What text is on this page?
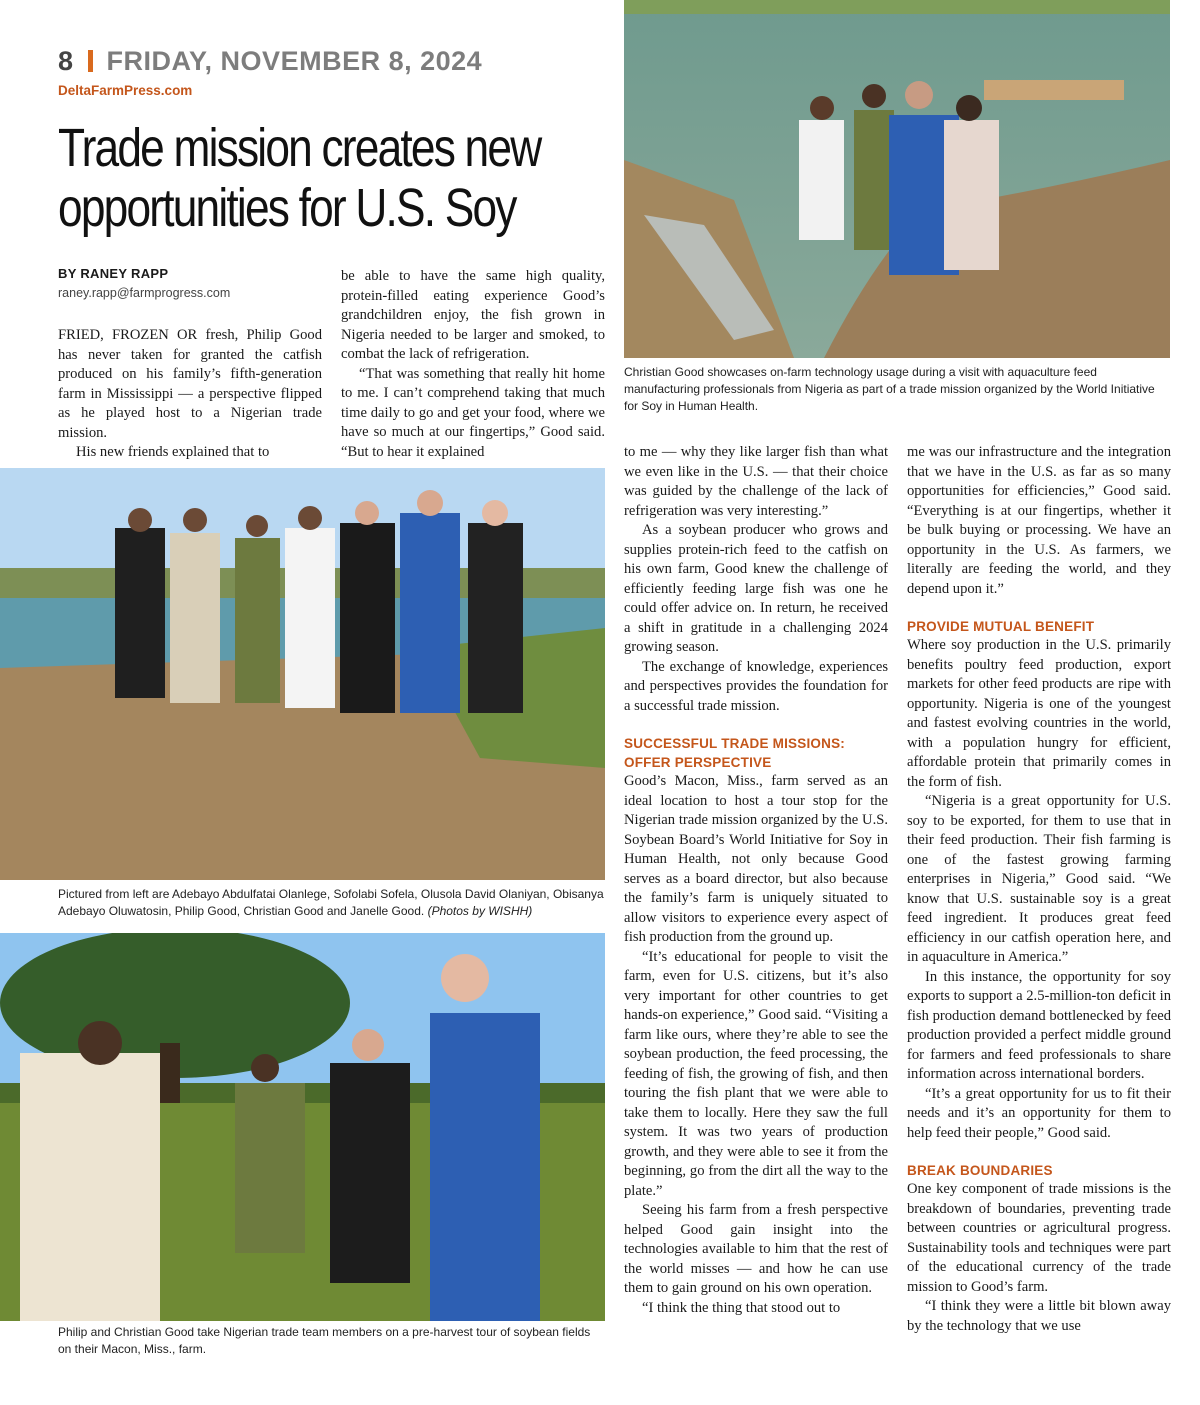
8 FRIDAY, NOVEMBER 8, 2024
DeltaFarmPress.com
Trade mission creates new
opportunities for U.S. Soy
BY RANEY RAPP
raney.rapp@farmprogress.com

FRIED, FROZEN OR fresh, Philip Good has never taken for granted the catfish produced on his family’s fifth-generation farm in Mississippi — a perspective flipped as he played host to a Nigerian trade mission.

His new friends explained that to

be able to have the same high quality, protein-filled eating experience Good’s grandchildren enjoy, the fish grown in Nigeria needed to be larger and smoked, to combat the lack of refrigeration.

“That was something that really hit home to me. I can’t comprehend taking that much time daily to go and get your food, where we have so much at our fingertips,” Good said. “But to hear it explained

Christian Good showcases on-farm technology usage during a visit with aquaculture feed manufacturing professionals from Nigeria as part of a trade mission organized by the World Initiative for Soy in Human Health.
Pictured from left are Adebayo Abdulfatai Olanlege, Sofolabi Sofela, Olusola David Olaniyan, Obisanya Adebayo Oluwatosin, Philip Good, Christian Good and Janelle Good. (Photos by WISHH)
Philip and Christian Good take Nigerian trade team members on a pre-harvest tour of soybean fields on their Macon, Miss., farm.

to me — why they like larger fish than what we even like in the U.S. — that their choice was guided by the challenge of the lack of refrigeration was very interesting.”

As a soybean producer who grows and supplies protein-rich feed to the catfish on his own farm, Good knew the challenge of efficiently feeding large fish was one he could offer advice on. In return, he received a shift in gratitude in a challenging 2024 growing season.

The exchange of knowledge, experiences and perspectives provides the foundation for a successful trade mission.

SUCCESSFUL TRADE MISSIONS:
OFFER PERSPECTIVE

Good’s Macon, Miss., farm served as an ideal location to host a tour stop for the Nigerian trade mission organized by the U.S. Soybean Board’s World Initiative for Soy in Human Health, not only because Good serves as a board director, but also because the family’s farm is uniquely situated to allow visitors to experience every aspect of fish production from the ground up.

“It’s educational for people to visit the farm, even for U.S. citizens, but it’s also very important for other countries to get hands-on experience,” Good said. “Visiting a farm like ours, where they’re able to see the soybean production, the feed processing, the feeding of fish, the growing of fish, and then touring the fish plant that we were able to take them to locally. Here they saw the full system. It was two years of production growth, and they were able to see it from the beginning, go from the dirt all the way to the plate.”

Seeing his farm from a fresh perspective helped Good gain insight into the technologies available to him that the rest of the world misses — and how he can use them to gain ground on his own operation.

“I think the thing that stood out to

me was our infrastructure and the integration that we have in the U.S. as far as so many opportunities for efficiencies,” Good said. “Everything is at our fingertips, whether it be bulk buying or processing. We have an opportunity in the U.S. As farmers, we literally are feeding the world, and they depend upon it.”

PROVIDE MUTUAL BENEFIT

Where soy production in the U.S. primarily benefits poultry feed production, export markets for other feed products are ripe with opportunity. Nigeria is one of the youngest and fastest evolving countries in the world, with a population hungry for efficient, affordable protein that primarily comes in the form of fish.

“Nigeria is a great opportunity for U.S. soy to be exported, for them to use that in their feed production. Their fish farming is one of the fastest growing farming enterprises in Nigeria,” Good said. “We know that U.S. sustainable soy is a great feed ingredient. It produces great feed efficiency in our catfish operation here, and in aquaculture in America.”

In this instance, the opportunity for soy exports to support a 2.5-million-ton deficit in fish production demand bottlenecked by feed production provided a perfect middle ground for farmers and feed professionals to share information across international borders.

“It’s a great opportunity for us to fit their needs and it’s an opportunity for them to help feed their people,” Good said.

BREAK BOUNDARIES

One key component of trade missions is the breakdown of boundaries, preventing trade between countries or agricultural progress. Sustainability tools and techniques were part of the educational currency of the trade mission to Good’s farm.

“I think they were a little bit blown away by the technology that we use
